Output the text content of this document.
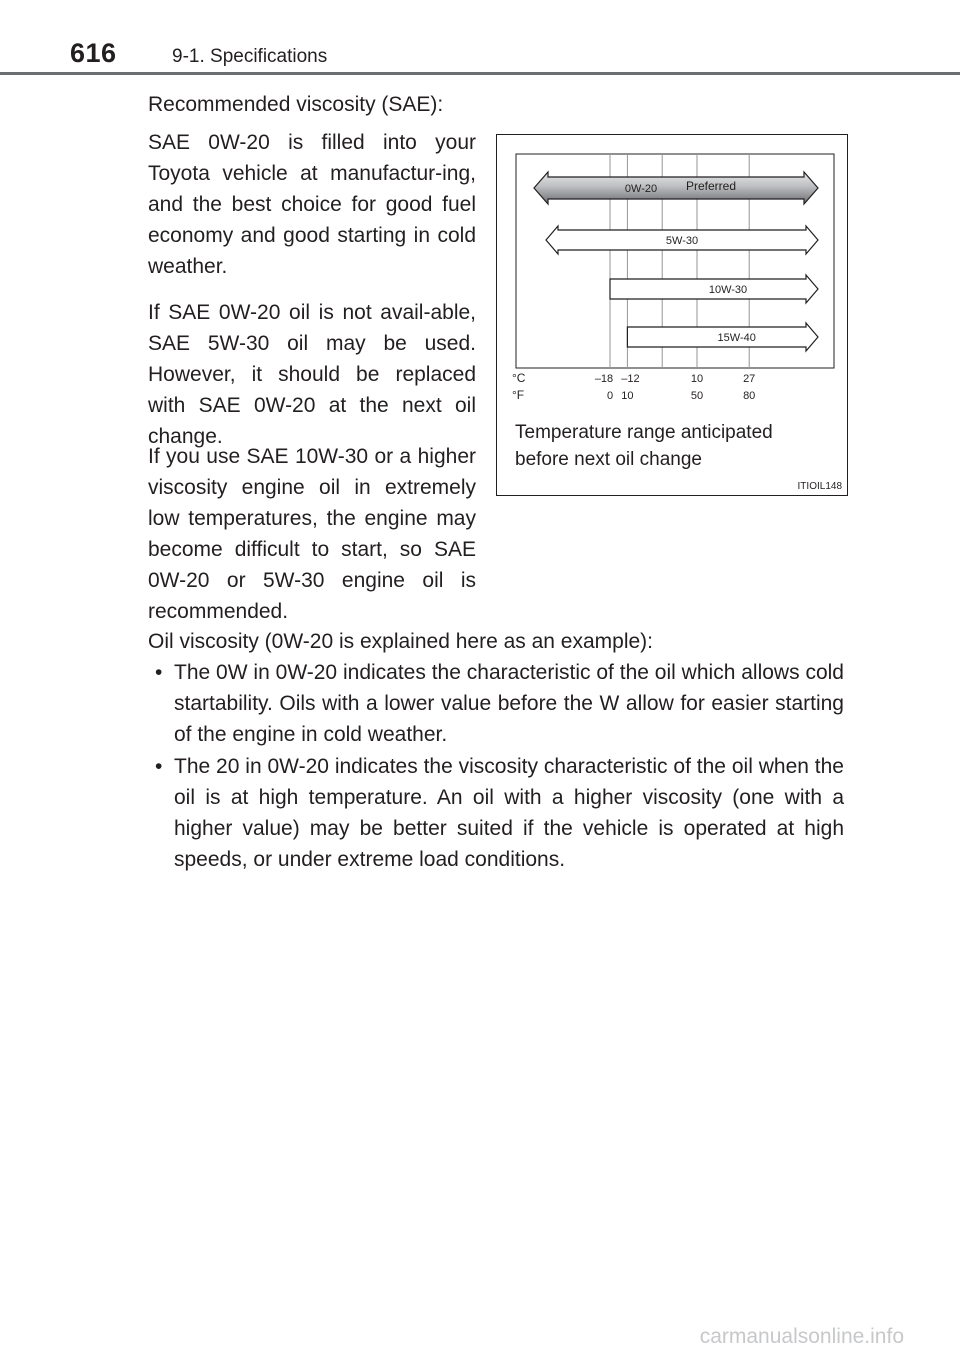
616	9-1. Specifications

Recommended viscosity (SAE):

SAE 0W-20 is filled into your Toyota vehicle at manufactur-ing, and the best choice for good fuel economy and good starting in cold weather.

If SAE 0W-20 oil is not avail-able, SAE 5W-30 oil may be used. However, it should be replaced with SAE 0W-20 at the next oil change.

If you use SAE 10W-30 or a higher viscosity engine oil in extremely low temperatures, the engine may become difficult to start, so SAE 0W-20 or 5W-30 engine oil is recommended.

0W-20 Preferred
5W-30
10W-30
15W-40
°C
°F
–18
0
–12
10
10
50
27
80
Temperature range anticipated
before next oil change
ITIOIL148

Oil viscosity (0W-20 is explained here as an example):

• The 0W in 0W-20 indicates the characteristic of the oil which allows cold startability. Oils with a lower value before the W allow for easier starting of the engine in cold weather.
• The 20 in 0W-20 indicates the viscosity characteristic of the oil when the oil is at high temperature. An oil with a higher viscosity (one with a higher value) may be better suited if the vehicle is operated at high speeds, or under extreme load conditions.
carmanualsonline.info
